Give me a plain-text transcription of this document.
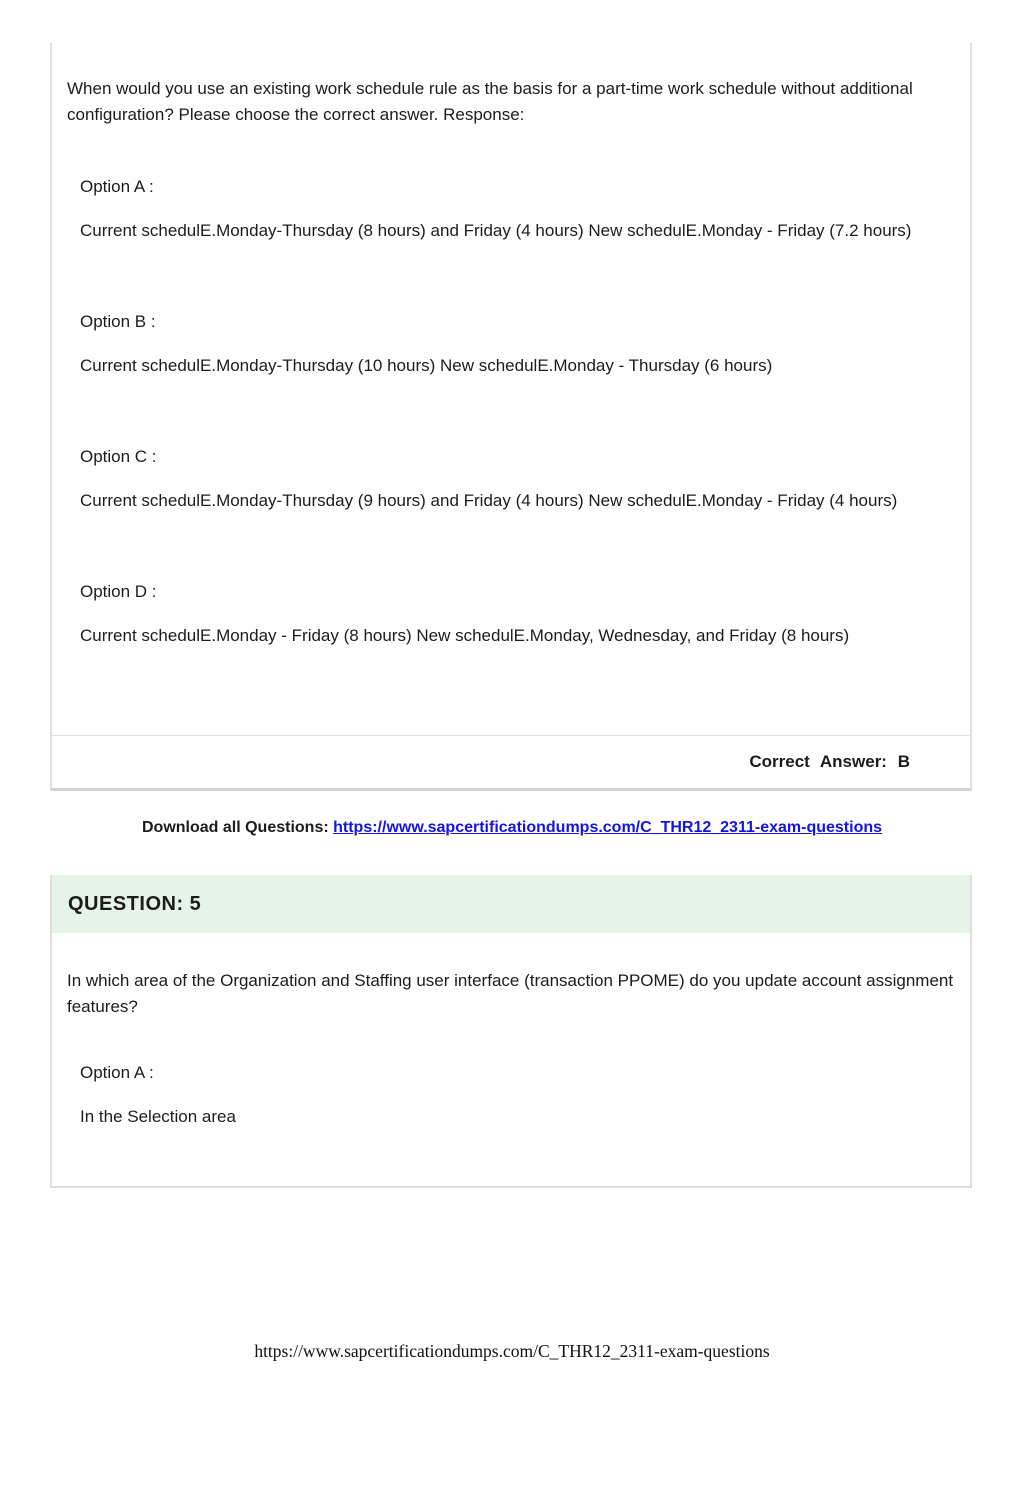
When would you use an existing work schedule rule as the basis for a part-time work schedule without additional configuration? Please choose the correct answer. Response:

Option A :
Current schedulE.Monday-Thursday (8 hours) and Friday (4 hours) New schedulE.Monday - Friday (7.2 hours)
Option B :
Current schedulE.Monday-Thursday (10 hours) New schedulE.Monday - Thursday (6 hours)
Option C :
Current schedulE.Monday-Thursday (9 hours) and Friday (4 hours) New schedulE.Monday - Friday (4 hours)
Option D :
Current schedulE.Monday - Friday (8 hours) New schedulE.Monday, Wednesday, and Friday (8 hours)
Correct Answer: B
Download all Questions: https://www.sapcertificationdumps.com/C_THR12_2311-exam-questions
QUESTION: 5

In which area of the Organization and Staffing user interface (transaction PPOME) do you update account assignment features?

Option A :
In the Selection area
https://www.sapcertificationdumps.com/C_THR12_2311-exam-questions
